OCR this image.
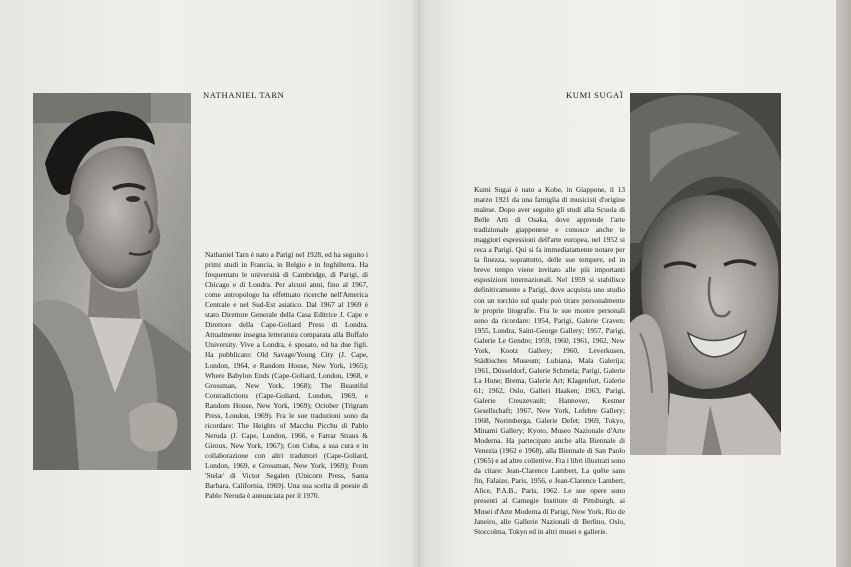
NATHANIEL TARN
Nathaniel Tarn è nato a Parigi nel 1928, ed ha seguito i primi studi in Francia, in Belgio e in Inghilterra. Ha frequentato le università di Cambridge, di Parigi, di Chicago e di Londra. Per alcuni anni, fino al 1967, come antropologo ha effettuato ricerche nell'America Centrale e nel Sud-Est asiatico. Dal 1967 al 1969 è stato Direttore Generale della Casa Editrice J. Cape e Direttore della Cape-Goliard Press di Londra. Attualmente insegna letteratura comparata alla Buffalo University. Vive a Londra, è sposato, ed ha due figli. Ha pubblicato: Old Savage/Young City (J. Cape, London, 1964, e Random House, New York, 1965); Where Babylon Ends (Cape-Goliard, London, 1968, e Grossman, New York, 1968); The Beautiful Contradictions (Cape-Goliard, London, 1969, e Random House, New York, 1969); October (Trigram Press, London, 1969). Fra le sue traduzioni sono da ricordare: The Heights of Macchu Picchu di Pablo Neruda (J. Cape, London, 1966, e Farrar Straus & Giroux, New York, 1967); Con Cuba, a sua cura e in collaborazione con altri traduttori (Cape-Goliard, London, 1969, e Grossman, New York, 1969); From 'Stelæ' di Victor Segalen (Unicorn Press, Santa Barbara, California, 1969). Una sua scelta di poesie di Pablo Neruda è annunciata per il 1970.
KUMI SUGAÏ
Kumi Sugai è nato a Kobe, in Giappone, il 13 marzo 1921 da una famiglia di musicisti d'origine malese. Dopo aver seguito gli studi alla Scuola di Belle Arti di Osaka, dove apprende l'arte tradizionale giapponese e conosce anche le maggiori espressioni dell'arte europea, nel 1952 si reca a Parigi. Qui si fa immediatamente notare per la finezza, soprattutto, delle sue tempere, ed in breve tempo viene invitato alle più importanti esposizioni internazionali. Nel 1959 si stabilisce definitivamente a Parigi, dove acquista uno studio con un torchio sul quale può tirare personalmente le proprie litografie. Fra le sue mostre personali sono da ricordare: 1954, Parigi, Galerie Craven; 1955, Londra, Saint-George Gallery; 1957, Parigi, Galerie Le Gendre; 1959, 1960, 1961, 1962, New York, Kootz Gallery; 1960, Leverkusen, Städtisches Museum; Lubiana, Mala Galerija; 1961, Düsseldorf, Galerie Schmela; Parigi, Galerie La Hune; Brema, Galerie Art; Klagenfurt, Galerie 61; 1962, Oslo, Galleri Haaken; 1963, Parigi, Galerie Creuzevault; Hannover, Kestner Gesellschaft; 1967, New York, Lefebre Gallery; 1968, Norimberga, Galerie Defet; 1969, Tokyo, Minami Gallery; Kyoto, Museo Nazionale d'Arte Moderna. Ha partecipato anche alla Biennale di Venezia (1962 e 1968), alla Biennale di San Paolo (1965) e ad altre collettive. Fra i libri illustrati sono da citare: Jean-Clarence Lambert, La quête sans fin, Falaize, Paris, 1956, e Jean-Clarence Lambert, Alice, P.A.B., Paris, 1962. Le sue opere sono presenti al Carnegie Institute di Pittsburgh, ai Musei d'Arte Moderna di Parigi, New York, Rio de Janeiro, alle Gallerie Nazionali di Berlino, Oslo, Stoccolma, Tokyo ed in altri musei e gallerie.
